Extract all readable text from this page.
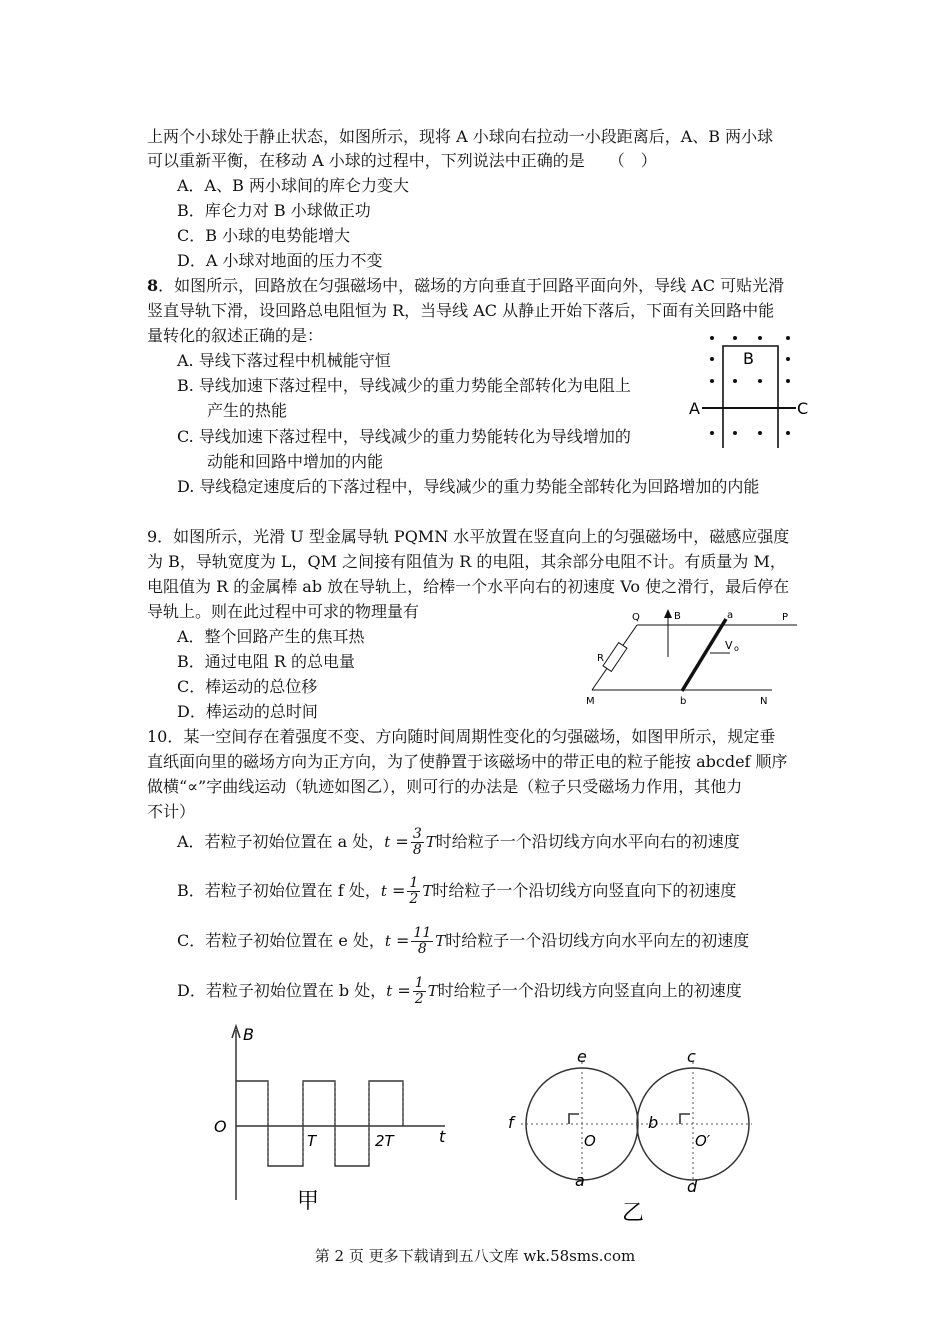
上两个小球处于静止状态，如图所示，现将 A 小球向右拉动一小段距离后，A、B 两小球
可以重新平衡，在移动 A 小球的过程中，下列说法中正确的是　　（　）
A．A、B 两小球间的库仑力变大
B．库仑力对 B 小球做正功
C．B 小球的电势能增大
D．A 小球对地面的压力不变
8．如图所示，回路放在匀强磁场中，磁场的方向垂直于回路平面向外，导线 AC 可贴光滑
竖直导轨下滑，设回路总电阻恒为 R，当导线 AC 从静止开始下落后，下面有关回路中能
量转化的叙述正确的是：
A. 导线下落过程中机械能守恒
B. 导线加速下落过程中，导线减少的重力势能全部转化为电阻上
产生的热能
C. 导线加速下落过程中，导线减少的重力势能转化为导线增加的
动能和回路中增加的内能
D. 导线稳定速度后的下落过程中，导线减少的重力势能全部转化为回路增加的内能
B
A	C
9．如图所示，光滑 U 型金属导轨 PQMN 水平放置在竖直向上的匀强磁场中，磁感应强度
为 B，导轨宽度为 L，QM 之间接有阻值为 R 的电阻，其余部分电阻不计。有质量为 M，
电阻值为 R 的金属棒 ab 放在导轨上，给棒一个水平向右的初速度 Vo 使之滑行，最后停在
导轨上。则在此过程中可求的物理量有
A．整个回路产生的焦耳热
B．通过电阻 R 的总电量
C．棒运动的总位移
D．棒运动的总时间
Q	P
M	N
a
b
B
R
V o
10．某一空间存在着强度不变、方向随时间周期性变化的匀强磁场，如图甲所示，规定垂
直纸面向里的磁场方向为正方向，为了使静置于该磁场中的带正电的粒子能按 abcdef 顺序
做横“∝”字曲线运动（轨迹如图乙），则可行的办法是（粒子只受磁场力作用，其他力
不计）
A．若粒子初始位置在 a 处，$t = \frac{3}{8}$ T时给粒子一个沿切线方向水平向右的初速度
B．若粒子初始位置在 f 处，$t = \frac{1}{2}$ T时给粒子一个沿切线方向竖直向下的初速度
C．若粒子初始位置在 e 处，$t = \frac{11}{8}$ T时给粒子一个沿切线方向水平向左的初速度
D．若粒子初始位置在 b 处，$t = \frac{1}{2}$ T时给粒子一个沿切线方向竖直向上的初速度
B
O
T	2T	t
甲
e	c
f	b
O	O′
a	d
乙
第 2 页 更多下载请到五八文库 wk.58sms.com
